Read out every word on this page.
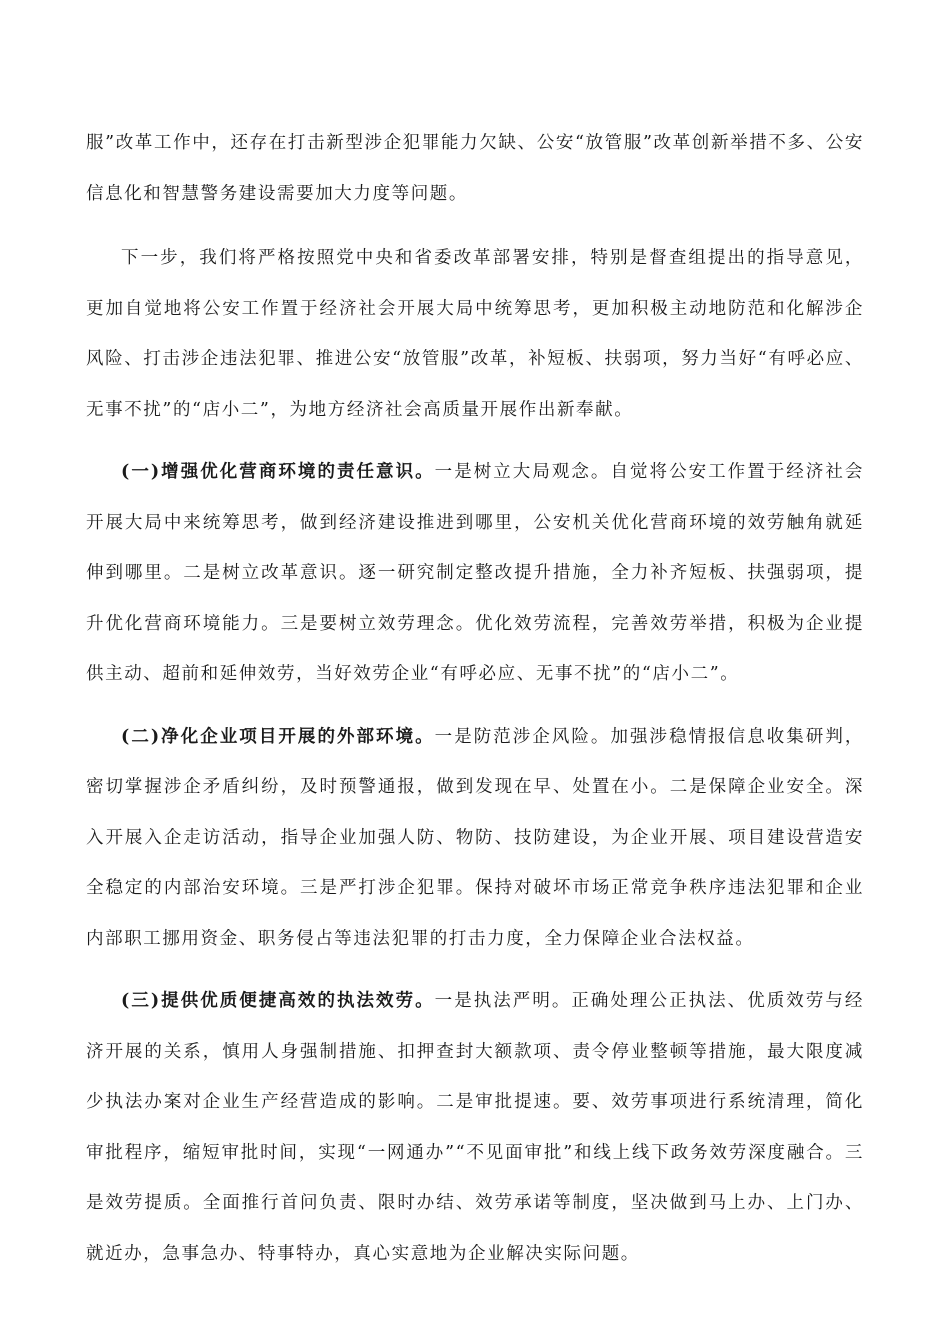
服”改革工作中，还存在打击新型涉企犯罪能力欠缺、公安“放管服”改革创新举措不多、公安信息化和智慧警务建设需要加大力度等问题。

下一步，我们将严格按照党中央和省委改革部署安排，特别是督查组提出的指导意见，更加自觉地将公安工作置于经济社会开展大局中统筹思考，更加积极主动地防范和化解涉企风险、打击涉企违法犯罪、推进公安“放管服”改革，补短板、扶弱项，努力当好“有呼必应、无事不扰”的“店小二”，为地方经济社会高质量开展作出新奉献。

(一)增强优化营商环境的责任意识。一是树立大局观念。自觉将公安工作置于经济社会开展大局中来统筹思考，做到经济建设推进到哪里，公安机关优化营商环境的效劳触角就延伸到哪里。二是树立改革意识。逐一研究制定整改提升措施，全力补齐短板、扶强弱项，提升优化营商环境能力。三是要树立效劳理念。优化效劳流程，完善效劳举措，积极为企业提供主动、超前和延伸效劳，当好效劳企业“有呼必应、无事不扰”的“店小二”。

(二)净化企业项目开展的外部环境。一是防范涉企风险。加强涉稳情报信息收集研判，密切掌握涉企矛盾纠纷，及时预警通报，做到发现在早、处置在小。二是保障企业安全。深入开展入企走访活动，指导企业加强人防、物防、技防建设，为企业开展、项目建设营造安全稳定的内部治安环境。三是严打涉企犯罪。保持对破坏市场正常竞争秩序违法犯罪和企业内部职工挪用资金、职务侵占等违法犯罪的打击力度，全力保障企业合法权益。

(三)提供优质便捷高效的执法效劳。一是执法严明。正确处理公正执法、优质效劳与经济开展的关系，慎用人身强制措施、扣押查封大额款项、责令停业整顿等措施，最大限度减少执法办案对企业生产经营造成的影响。二是审批提速。要、效劳事项进行系统清理，简化审批程序，缩短审批时间，实现“一网通办”“不见面审批”和线上线下政务效劳深度融合。三是效劳提质。全面推行首问负责、限时办结、效劳承诺等制度，坚决做到马上办、上门办、就近办，急事急办、特事特办，真心实意地为企业解决实际问题。
